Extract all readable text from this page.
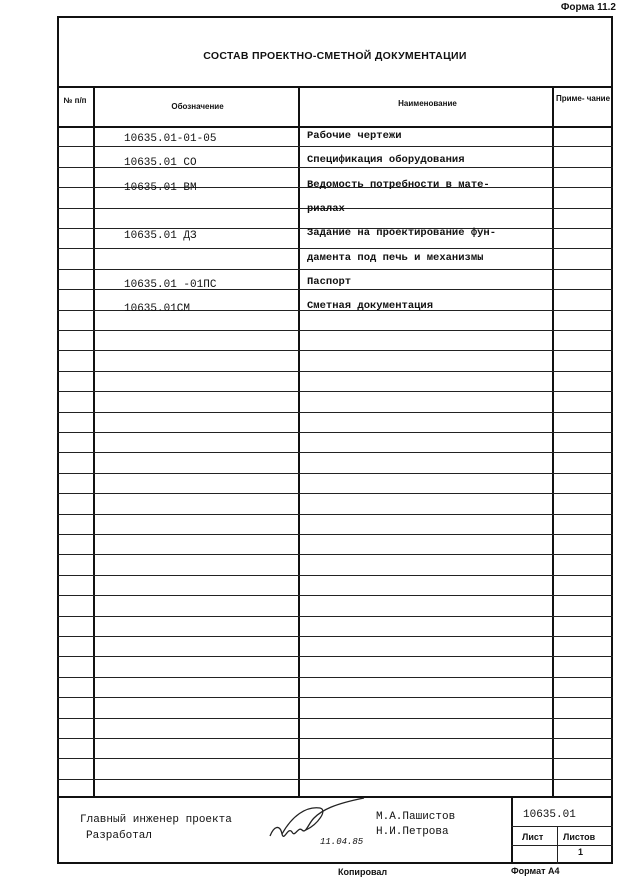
Форма 11.2
СОСТАВ ПРОЕКТНО-СМЕТНОЙ ДОКУМЕНТАЦИИ
№ п/п
Обозначение	Наименование
Приме- чание
10635.01-01-05	Рабочие чертежи
10635.01 СО	Спецификация оборудования
10635.01 ВМ	Ведомость потребности в мате-
риалах
10635.01 ДЗ	Задание на проектирование фун-
дамента под печь и механизмы
10635.01 -01ПС	Паспорт
10635.01СМ	Сметная документация
Главный инженер проекта
Разработал	11.04.85
М.А.Пашистов
Н.И.Петрова
10635.01
Лист Листов
1
Копировал	Формат А4
